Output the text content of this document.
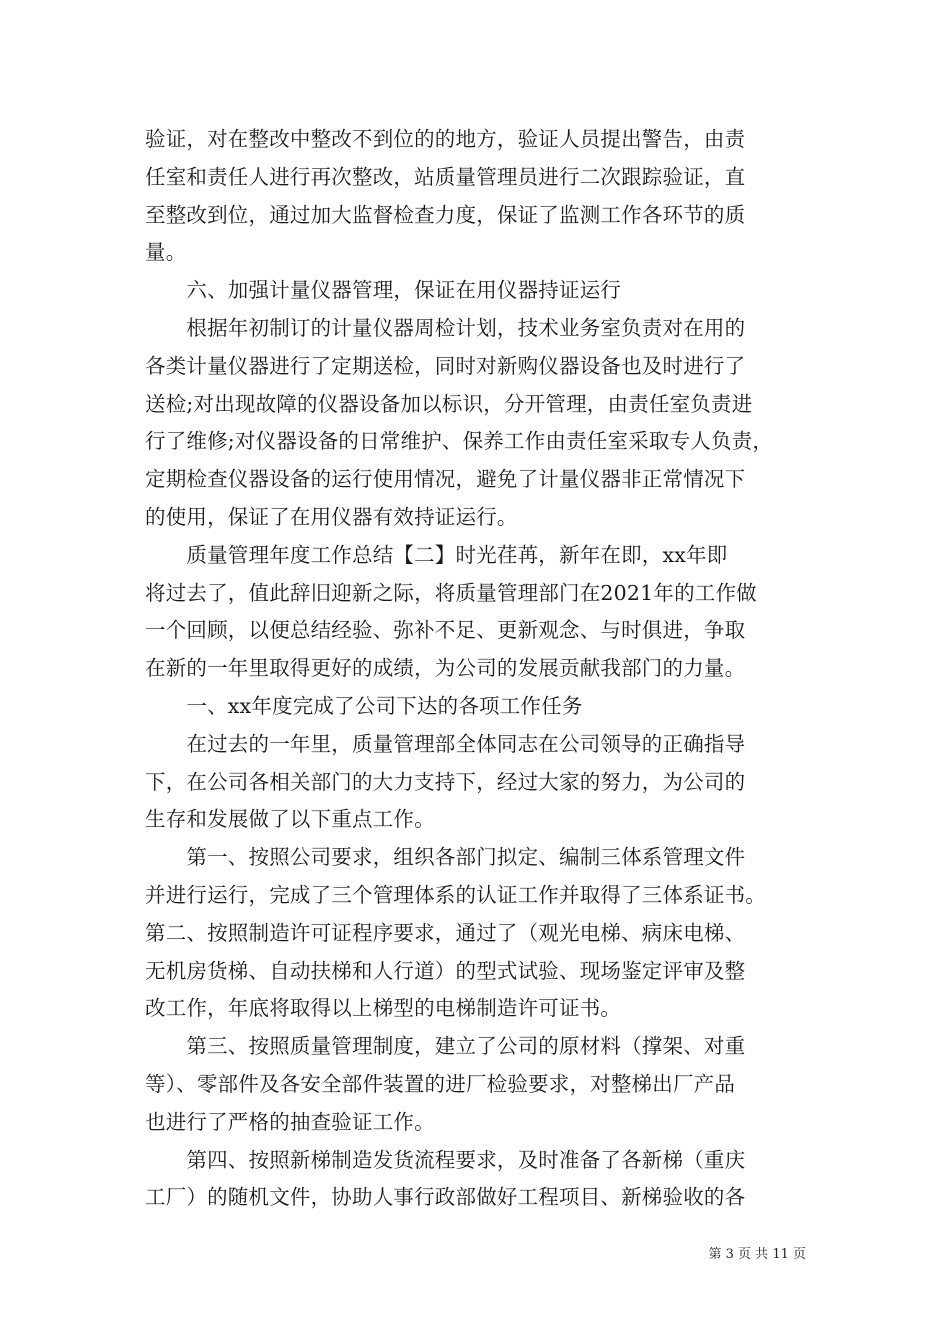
验证，对在整改中整改不到位的的地方，验证人员提出警告，由责
任室和责任人进行再次整改，站质量管理员进行二次跟踪验证，直
至整改到位，通过加大监督检查力度，保证了监测工作各环节的质
量。
　　六、加强计量仪器管理，保证在用仪器持证运行
　　根据年初制订的计量仪器周检计划，技术业务室负责对在用的
各类计量仪器进行了定期送检，同时对新购仪器设备也及时进行了
送检;对出现故障的仪器设备加以标识，分开管理，由责任室负责进
行了维修;对仪器设备的日常维护、保养工作由责任室采取专人负责，
定期检查仪器设备的运行使用情况，避免了计量仪器非正常情况下
的使用，保证了在用仪器有效持证运行。
　　质量管理年度工作总结【二】时光荏苒，新年在即，xx年即
将过去了，值此辞旧迎新之际，将质量管理部门在2021年的工作做
一个回顾，以便总结经验、弥补不足、更新观念、与时俱进，争取
在新的一年里取得更好的成绩，为公司的发展贡献我部门的力量。
　　一、xx年度完成了公司下达的各项工作任务
　　在过去的一年里，质量管理部全体同志在公司领导的正确指导
下，在公司各相关部门的大力支持下，经过大家的努力，为公司的
生存和发展做了以下重点工作。
　　第一、按照公司要求，组织各部门拟定、编制三体系管理文件
并进行运行，完成了三个管理体系的认证工作并取得了三体系证书。
第二、按照制造许可证程序要求，通过了（观光电梯、病床电梯、
无机房货梯、自动扶梯和人行道）的型式试验、现场鉴定评审及整
改工作，年底将取得以上梯型的电梯制造许可证书。
　　第三、按照质量管理制度，建立了公司的原材料（撑架、对重
等）、零部件及各安全部件装置的进厂检验要求，对整梯出厂产品
也进行了严格的抽查验证工作。
　　第四、按照新梯制造发货流程要求，及时准备了各新梯（重庆
工厂）的随机文件，协助人事行政部做好工程项目、新梯验收的各
第 3 页 共 11 页
